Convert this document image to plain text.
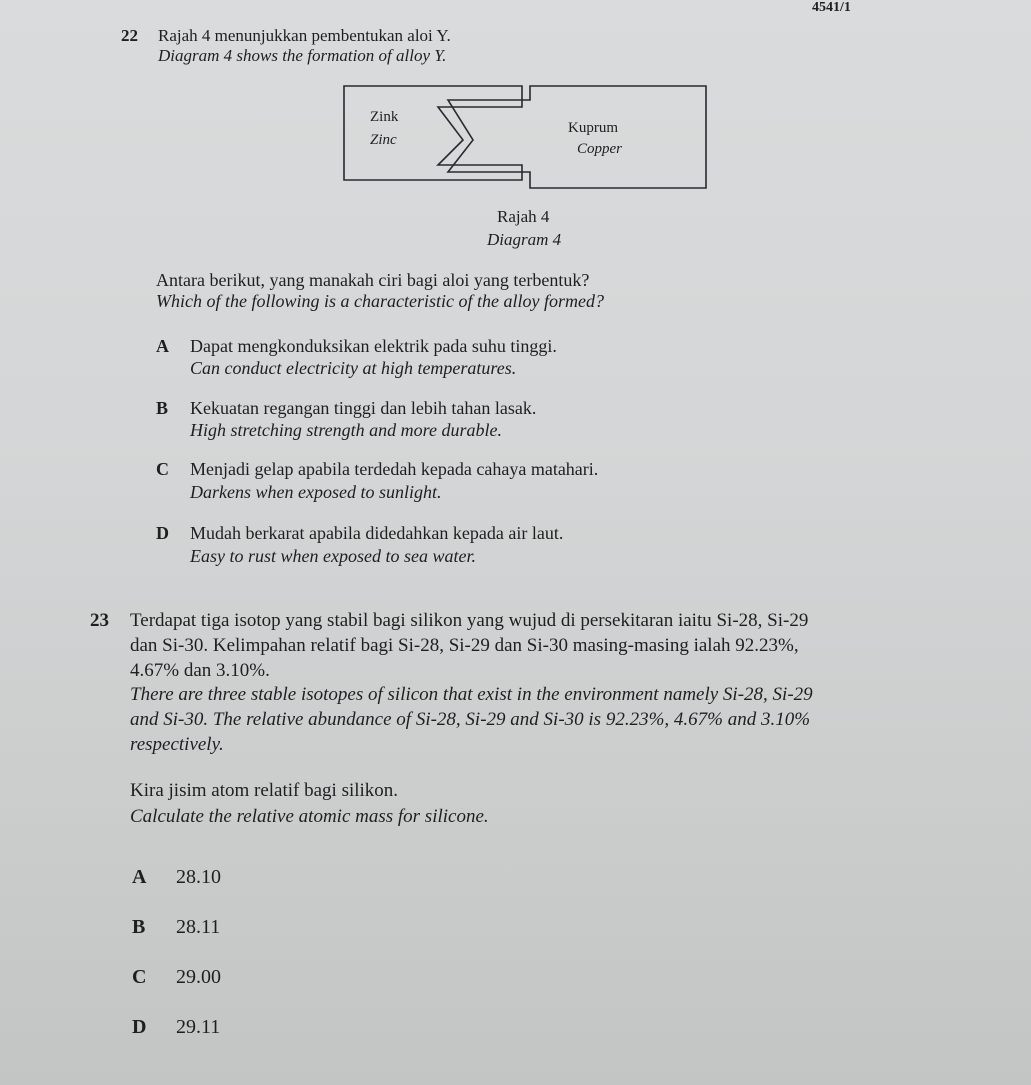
4541/1
22 Rajah 4 menunjukkan pembentukan aloi Y.
Diagram 4 shows the formation of alloy Y.
Zink
Zinc
Kuprum
Copper
Rajah 4
Diagram 4
Antara berikut, yang manakah ciri bagi aloi yang terbentuk?
Which of the following is a characteristic of the alloy formed?
A Dapat mengkonduksikan elektrik pada suhu tinggi.
Can conduct electricity at high temperatures.
B Kekuatan regangan tinggi dan lebih tahan lasak.
High stretching strength and more durable.
C Menjadi gelap apabila terdedah kepada cahaya matahari.
Darkens when exposed to sunlight.
D Mudah berkarat apabila didedahkan kepada air laut.
Easy to rust when exposed to sea water.
23 Terdapat tiga isotop yang stabil bagi silikon yang wujud di persekitaran iaitu Si-28, Si-29
dan Si-30. Kelimpahan relatif bagi Si-28, Si-29 dan Si-30 masing-masing ialah 92.23%,
4.67% dan 3.10%.
There are three stable isotopes of silicon that exist in the environment namely Si-28, Si-29
and Si-30. The relative abundance of Si-28, Si-29 and Si-30 is 92.23%, 4.67% and 3.10%
respectively.
Kira jisim atom relatif bagi silikon.
Calculate the relative atomic mass for silicone.
A 28.10
B 28.11
C 29.00
D 29.11
